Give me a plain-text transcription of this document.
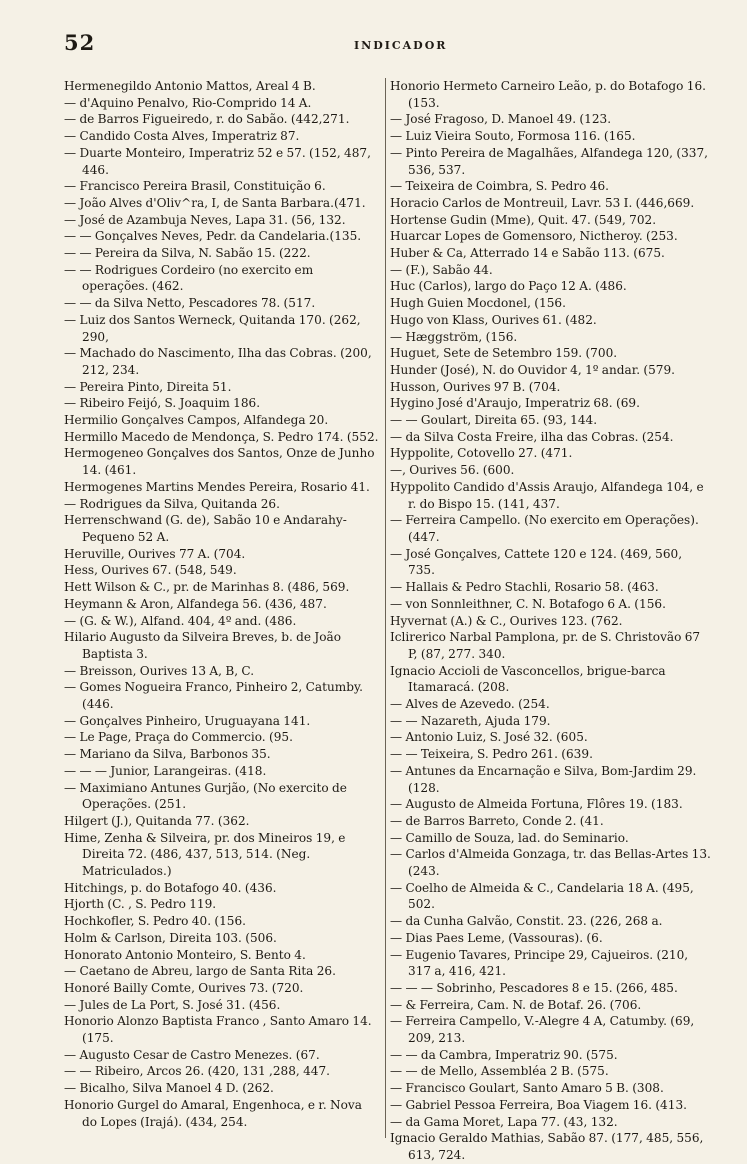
52	INDICADOR
Hermenegildo Antonio Mattos, Areal 4 B.
— d'Aquino Penalvo, Rio-Comprido 14 A.
— de Barros Figueiredo, r. do Sabão. (442,271.
— Candido Costa Alves, Imperatriz 87.
— Duarte Monteiro, Imperatriz 52 e 57. (152, 487, 446.
— Francisco Pereira Brasil, Constituição 6.
— João Alves d'Oliv^ra, I, de Santa Barbara.(471.
— José de Azambuja Neves, Lapa 31. (56, 132.
— — Gonçalves Neves, Pedr. da Candelaria.(135.
— — Pereira da Silva, N. Sabão 15. (222.
— — Rodrigues Cordeiro (no exercito em operações. (462.
— — da Silva Netto, Pescadores 78. (517.
— Luiz dos Santos Werneck, Quitanda 170. (262, 290,
— Machado do Nascimento, Ilha das Cobras. (200, 212, 234.
— Pereira Pinto, Direita 51.
— Ribeiro Feijó, S. Joaquim 186.
Hermilio Gonçalves Campos, Alfandega 20.
Hermillo Macedo de Mendonça, S. Pedro 174. (552.
Hermogeneo Gonçalves dos Santos, Onze de Junho 14. (461.
Hermogenes Martins Mendes Pereira, Rosario 41.
— Rodrigues da Silva, Quitanda 26.
Herrenschwand (G. de), Sabão 10 e Andarahy-Pequeno 52 A.
Heruville, Ourives 77 A. (704.
Hess, Ourives 67. (548, 549.
Hett Wilson & C., pr. de Marinhas 8. (486, 569.
Heymann & Aron, Alfandega 56. (436, 487.
— (G. & W.), Alfand. 404, 4º and. (486.
Hilario Augusto da Silveira Breves, b. de João Baptista 3.
— Breisson, Ourives 13 A, B, C.
— Gomes Nogueira Franco, Pinheiro 2, Catumby. (446.
— Gonçalves Pinheiro, Uruguayana 141.
— Le Page, Praça do Commercio. (95.
— Mariano da Silva, Barbonos 35.
— — — Junior, Larangeiras. (418.
— Maximiano Antunes Gurjão, (No exercito de Operações. (251.
Hilgert (J.), Quitanda 77. (362.
Hime, Zenha & Silveira, pr. dos Mineiros 19, e Direita 72. (486, 437, 513, 514. (Neg. Matriculados.)
Hitchings, p. do Botafogo 40. (436.
Hjorth (C. , S. Pedro 119.
Hochkofler, S. Pedro 40. (156.
Holm & Carlson, Direita 103. (506.
Honorato Antonio Monteiro, S. Bento 4.
— Caetano de Abreu, largo de Santa Rita 26.
Honoré Bailly Comte, Ourives 73. (720.
— Jules de La Port, S. José 31. (456.
Honorio Alonzo Baptista Franco , Santo Amaro 14. (175.
— Augusto Cesar de Castro Menezes. (67.
— — Ribeiro, Arcos 26. (420, 131 ,288, 447.
— Bicalho, Silva Manoel 4 D. (262.
Honorio Gurgel do Amaral, Engenhoca, e r. Nova do Lopes (Irajá). (434, 254.
Honorio Hermeto Carneiro Leão, p. do Botafogo 16. (153.
— José Fragoso, D. Manoel 49. (123.
— Luiz Vieira Souto, Formosa 116. (165.
— Pinto Pereira de Magalhães, Alfandega 120, (337, 536, 537.
— Teixeira de Coimbra, S. Pedro 46.
Horacio Carlos de Montreuil, Lavr. 53 I. (446,669.
Hortense Gudin (Mme), Quit. 47. (549, 702.
Huarcar Lopes de Gomensoro, Nictheroy. (253.
Huber & Ca, Atterrado 14 e Sabão 113. (675.
— (F.), Sabão 44.
Huc (Carlos), largo do Paço 12 A. (486.
Hugh Guien Mocdonel, (156.
Hugo von Klass, Ourives 61. (482.
— Hæggström, (156.
Huguet, Sete de Setembro 159. (700.
Hunder (José), N. do Ouvidor 4, 1º andar. (579.
Husson, Ourives 97 B. (704.
Hygino José d'Araujo, Imperatriz 68. (69.
— — Goulart, Direita 65. (93, 144.
— da Silva Costa Freire, ilha das Cobras. (254.
Hyppolite, Cotovello 27. (471.
—, Ourives 56. (600.
Hyppolito Candido d'Assis Araujo, Alfandega 104, e r. do Bispo 15. (141, 437.
— Ferreira Campello. (No exercito em Operações). (447.
— José Gonçalves, Cattete 120 e 124. (469, 560, 735.
— Hallais & Pedro Stachli, Rosario 58. (463.
— von Sonnleithner, C. N. Botafogo 6 A. (156.
Hyvernat (A.) & C., Ourives 123. (762.
Iclirerico Narbal Pamplona, pr. de S. Christovão 67 P, (87, 277. 340.
Ignacio Accioli de Vasconcellos, brigue-barca Itamaracá. (208.
— Alves de Azevedo. (254.
— — Nazareth, Ajuda 179.
— Antonio Luiz, S. José 32. (605.
— — Teixeira, S. Pedro 261. (639.
— Antunes da Encarnação e Silva, Bom-Jardim 29. (128.
— Augusto de Almeida Fortuna, Flôres 19. (183.
— de Barros Barreto, Conde 2. (41.
— Camillo de Souza, lad. do Seminario.
— Carlos d'Almeida Gonzaga, tr. das Bellas-Artes 13. (243.
— Coelho de Almeida & C., Candelaria 18 A. (495, 502.
— da Cunha Galvão, Constit. 23. (226, 268 a.
— Dias Paes Leme, (Vassouras). (6.
— Eugenio Tavares, Principe 29, Cajueiros. (210, 317 a, 416, 421.
— — — Sobrinho, Pescadores 8 e 15. (266, 485.
— & Ferreira, Cam. N. de Botaf. 26. (706.
— Ferreira Campello, V.-Alegre 4 A, Catumby. (69, 209, 213.
— — da Cambra, Imperatriz 90. (575.
— — de Mello, Assembléa 2 B. (575.
— Francisco Goulart, Santo Amaro 5 B. (308.
— Gabriel Pessoa Ferreira, Boa Viagem 16. (413.
— da Gama Moret, Lapa 77. (43, 132.
Ignacio Geraldo Mathias, Sabão 87. (177, 485, 556, 613, 724.
